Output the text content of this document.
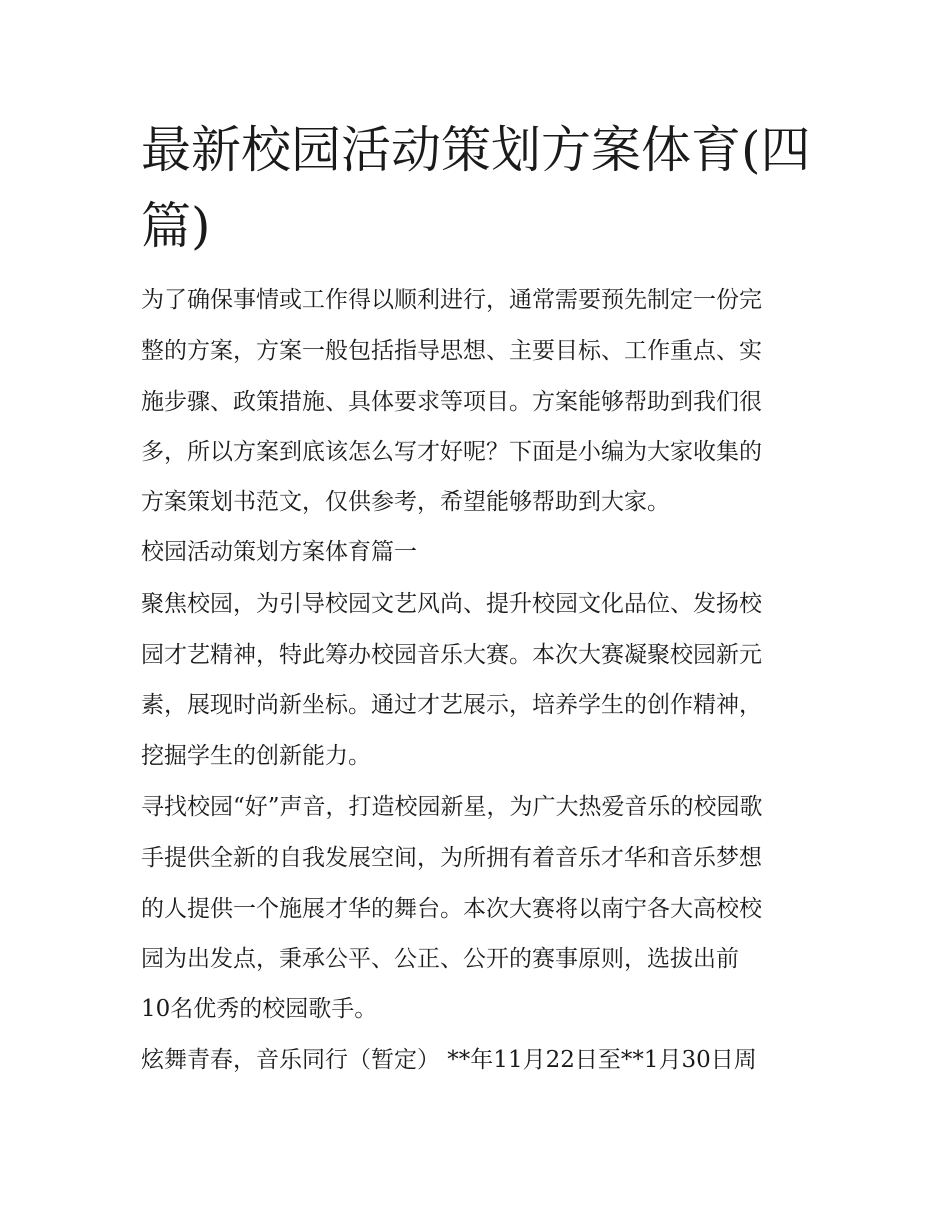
最新校园活动策划方案体育(四篇)
为了确保事情或工作得以顺利进行，通常需要预先制定一份完
整的方案，方案一般包括指导思想、主要目标、工作重点、实
施步骤、政策措施、具体要求等项目。方案能够帮助到我们很
多，所以方案到底该怎么写才好呢？下面是小编为大家收集的
方案策划书范文，仅供参考，希望能够帮助到大家。
校园活动策划方案体育篇一
聚焦校园，为引导校园文艺风尚、提升校园文化品位、发扬校
园才艺精神，特此筹办校园音乐大赛。本次大赛凝聚校园新元
素，展现时尚新坐标。通过才艺展示，培养学生的创作精神，
挖掘学生的创新能力。
寻找校园“好”声音，打造校园新星，为广大热爱音乐的校园歌
手提供全新的自我发展空间，为所拥有着音乐才华和音乐梦想
的人提供一个施展才华的舞台。本次大赛将以南宁各大高校校
园为出发点，秉承公平、公正、公开的赛事原则，选拔出前
10名优秀的校园歌手。
炫舞青春，音乐同行（暂定） **年11月22日至**1月30日周
